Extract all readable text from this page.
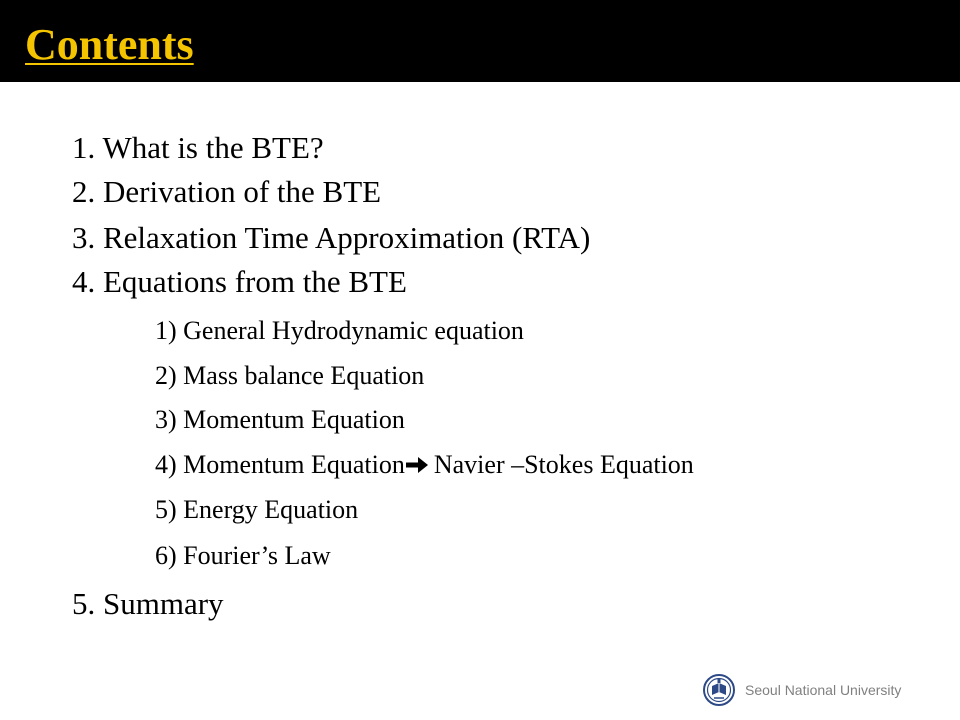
Contents
1. What is the BTE?
2. Derivation of the BTE
3. Relaxation Time Approximation (RTA)
4. Equations from the BTE
1) General Hydrodynamic equation
2) Mass balance Equation
3) Momentum Equation
4) Momentum Equation Navier –Stokes Equation
5) Energy Equation
6) Fourier’s Law
5. Summary
Seoul National University
